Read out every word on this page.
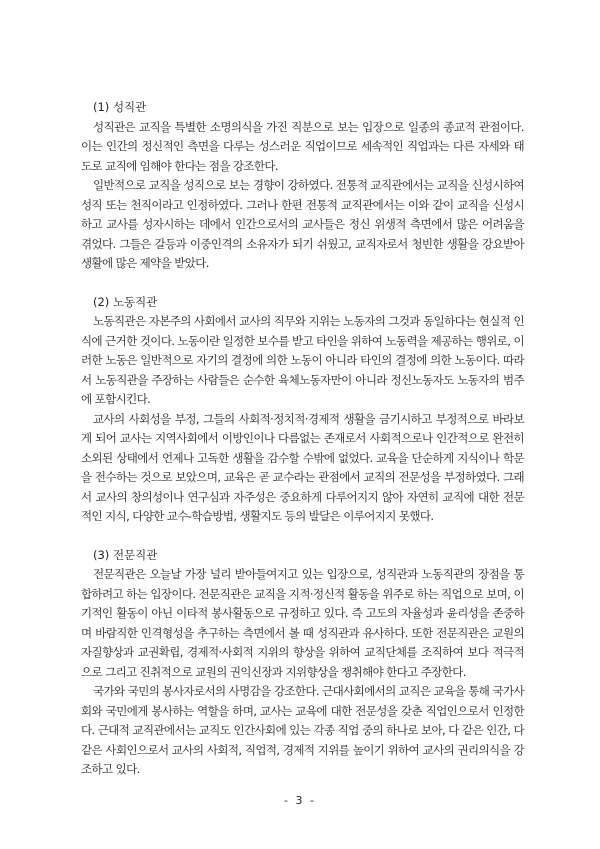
(1) 성직관

성직관은 교직을 특별한 소명의식을 가진 직분으로 보는 입장으로 일종의 종교적 관점이다. 이는 인간의 정신적인 측면을 다루는 성스러운 직업이므로 세속적인 직업과는 다른 자세와 태도로 교직에 임해야 한다는 점을 강조한다.

일반적으로 교직을 성직으로 보는 경향이 강하였다. 전통적 교직관에서는 교직을 신성시하여 성직 또는 천직이라고 인정하였다. 그러나 한편 전통적 교직관에서는 이와 같이 교직을 신성시하고 교사를 성자시하는 데에서 인간으로서의 교사들은 정신 위생적 측면에서 많은 어려움을 겪었다. 그들은 갈등과 이중인격의 소유자가 되기 쉬웠고, 교직자로서 청빈한 생활을 강요받아 생활에 많은 제약을 받았다.

(2) 노동직관

노동직관은 자본주의 사회에서 교사의 직무와 지위는 노동자의 그것과 동일하다는 현실적 인식에 근거한 것이다. 노동이란 일정한 보수를 받고 타인을 위하여 노동력을 제공하는 행위로, 이러한 노동은 일반적으로 자기의 결정에 의한 노동이 아니라 타인의 결정에 의한 노동이다. 따라서 노동직관을 주장하는 사람들은 순수한 육체노동자만이 아니라 정신노동자도 노동자의 범주에 포함시킨다.

교사의 사회성을 부정, 그들의 사회적·정치적·경제적 생활을 금기시하고 부정적으로 바라보게 되어 교사는 지역사회에서 이방인이나 다름없는 존재로서 사회적으로나 인간적으로 완전히 소외된 상태에서 언제나 고독한 생활을 감수할 수밖에 없었다. 교육을 단순하게 지식이나 학문을 전수하는 것으로 보았으며, 교육은 곧 교수라는 관점에서 교직의 전문성을 부정하였다. 그래서 교사의 창의성이나 연구심과 자주성은 중요하게 다루어지지 않아 자연히 교직에 대한 전문적인 지식, 다양한 교수-학습방법, 생활지도 등의 발달은 이루어지지 못했다.

(3) 전문직관

전문직관은 오늘날 가장 널리 받아들여지고 있는 입장으로, 성직관과 노동직관의 장점을 통합하려고 하는 입장이다. 전문직관은 교직을 지적·정신적 활동을 위주로 하는 직업으로 보며, 이기적인 활동이 아닌 이타적 봉사활동으로 규정하고 있다. 즉 고도의 자율성과 윤리성을 존중하며 바람직한 인격형성을 추구하는 측면에서 볼 때 성직관과 유사하다. 또한 전문직관은 교원의 자질향상과 교권확립, 경제적·사회적 지위의 향상을 위하여 교직단체를 조직하여 보다 적극적으로 그리고 진취적으로 교원의 권익신장과 지위향상을 쟁취해야 한다고 주장한다.

국가와 국민의 봉사자로서의 사명감을 강조한다. 근대사회에서의 교직은 교육을 통해 국가사회와 국민에게 봉사하는 역할을 하며, 교사는 교육에 대한 전문성을 갖춘 직업인으로서 인정한다. 근대적 교직관에서는 교직도 인간사회에 있는 각종 직업 중의 하나로 보아, 다 같은 인간, 다 같은 사회인으로서 교사의 사회적, 직업적, 경제적 지위를 높이기 위하여 교사의 권리의식을 강조하고 있다.

- 3 -
